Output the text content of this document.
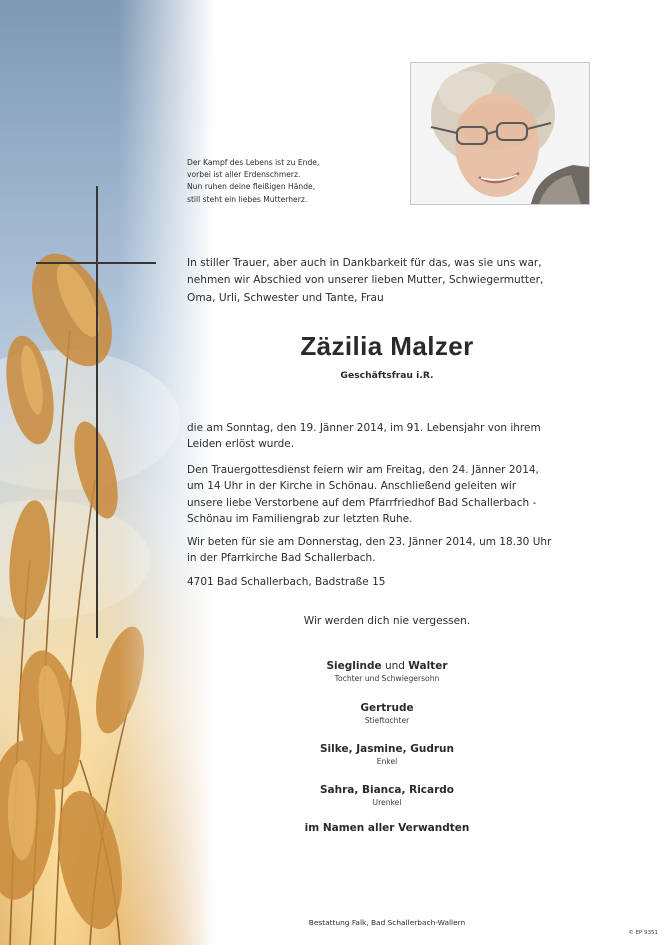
Der Kampf des Lebens ist zu Ende,
vorbei ist aller Erdenschmerz.
Nun ruhen deine fleißigen Hände,
still steht ein liebes Mutterherz.
In stiller Trauer, aber auch in Dankbarkeit für das, was sie uns war,
nehmen wir Abschied von unserer lieben Mutter, Schwiegermutter,
Oma, Urli, Schwester und Tante, Frau
Zäzilia Malzer
Geschäftsfrau i.R.
die am Sonntag, den 19. Jänner 2014, im 91. Lebensjahr von ihrem
Leiden erlöst wurde.
Den Trauergottesdienst feiern wir am Freitag, den 24. Jänner 2014,
um 14 Uhr in der Kirche in Schönau. Anschließend geleiten wir
unsere liebe Verstorbene auf dem Pfarrfriedhof Bad Schallerbach -
Schönau im Familiengrab zur letzten Ruhe.
Wir beten für sie am Donnerstag, den 23. Jänner 2014, um 18.30 Uhr
in der Pfarrkirche Bad Schallerbach.
4701 Bad Schallerbach, Badstraße 15
Wir werden dich nie vergessen.
Sieglinde und Walter
Tochter und Schwiegersohn
Gertrude
Stieftochter
Silke, Jasmine, Gudrun
Enkel
Sahra, Bianca, Ricardo
Urenkel
im Namen aller Verwandten
Bestattung Falk, Bad Schallerbach-Wallern
© EP 9351
